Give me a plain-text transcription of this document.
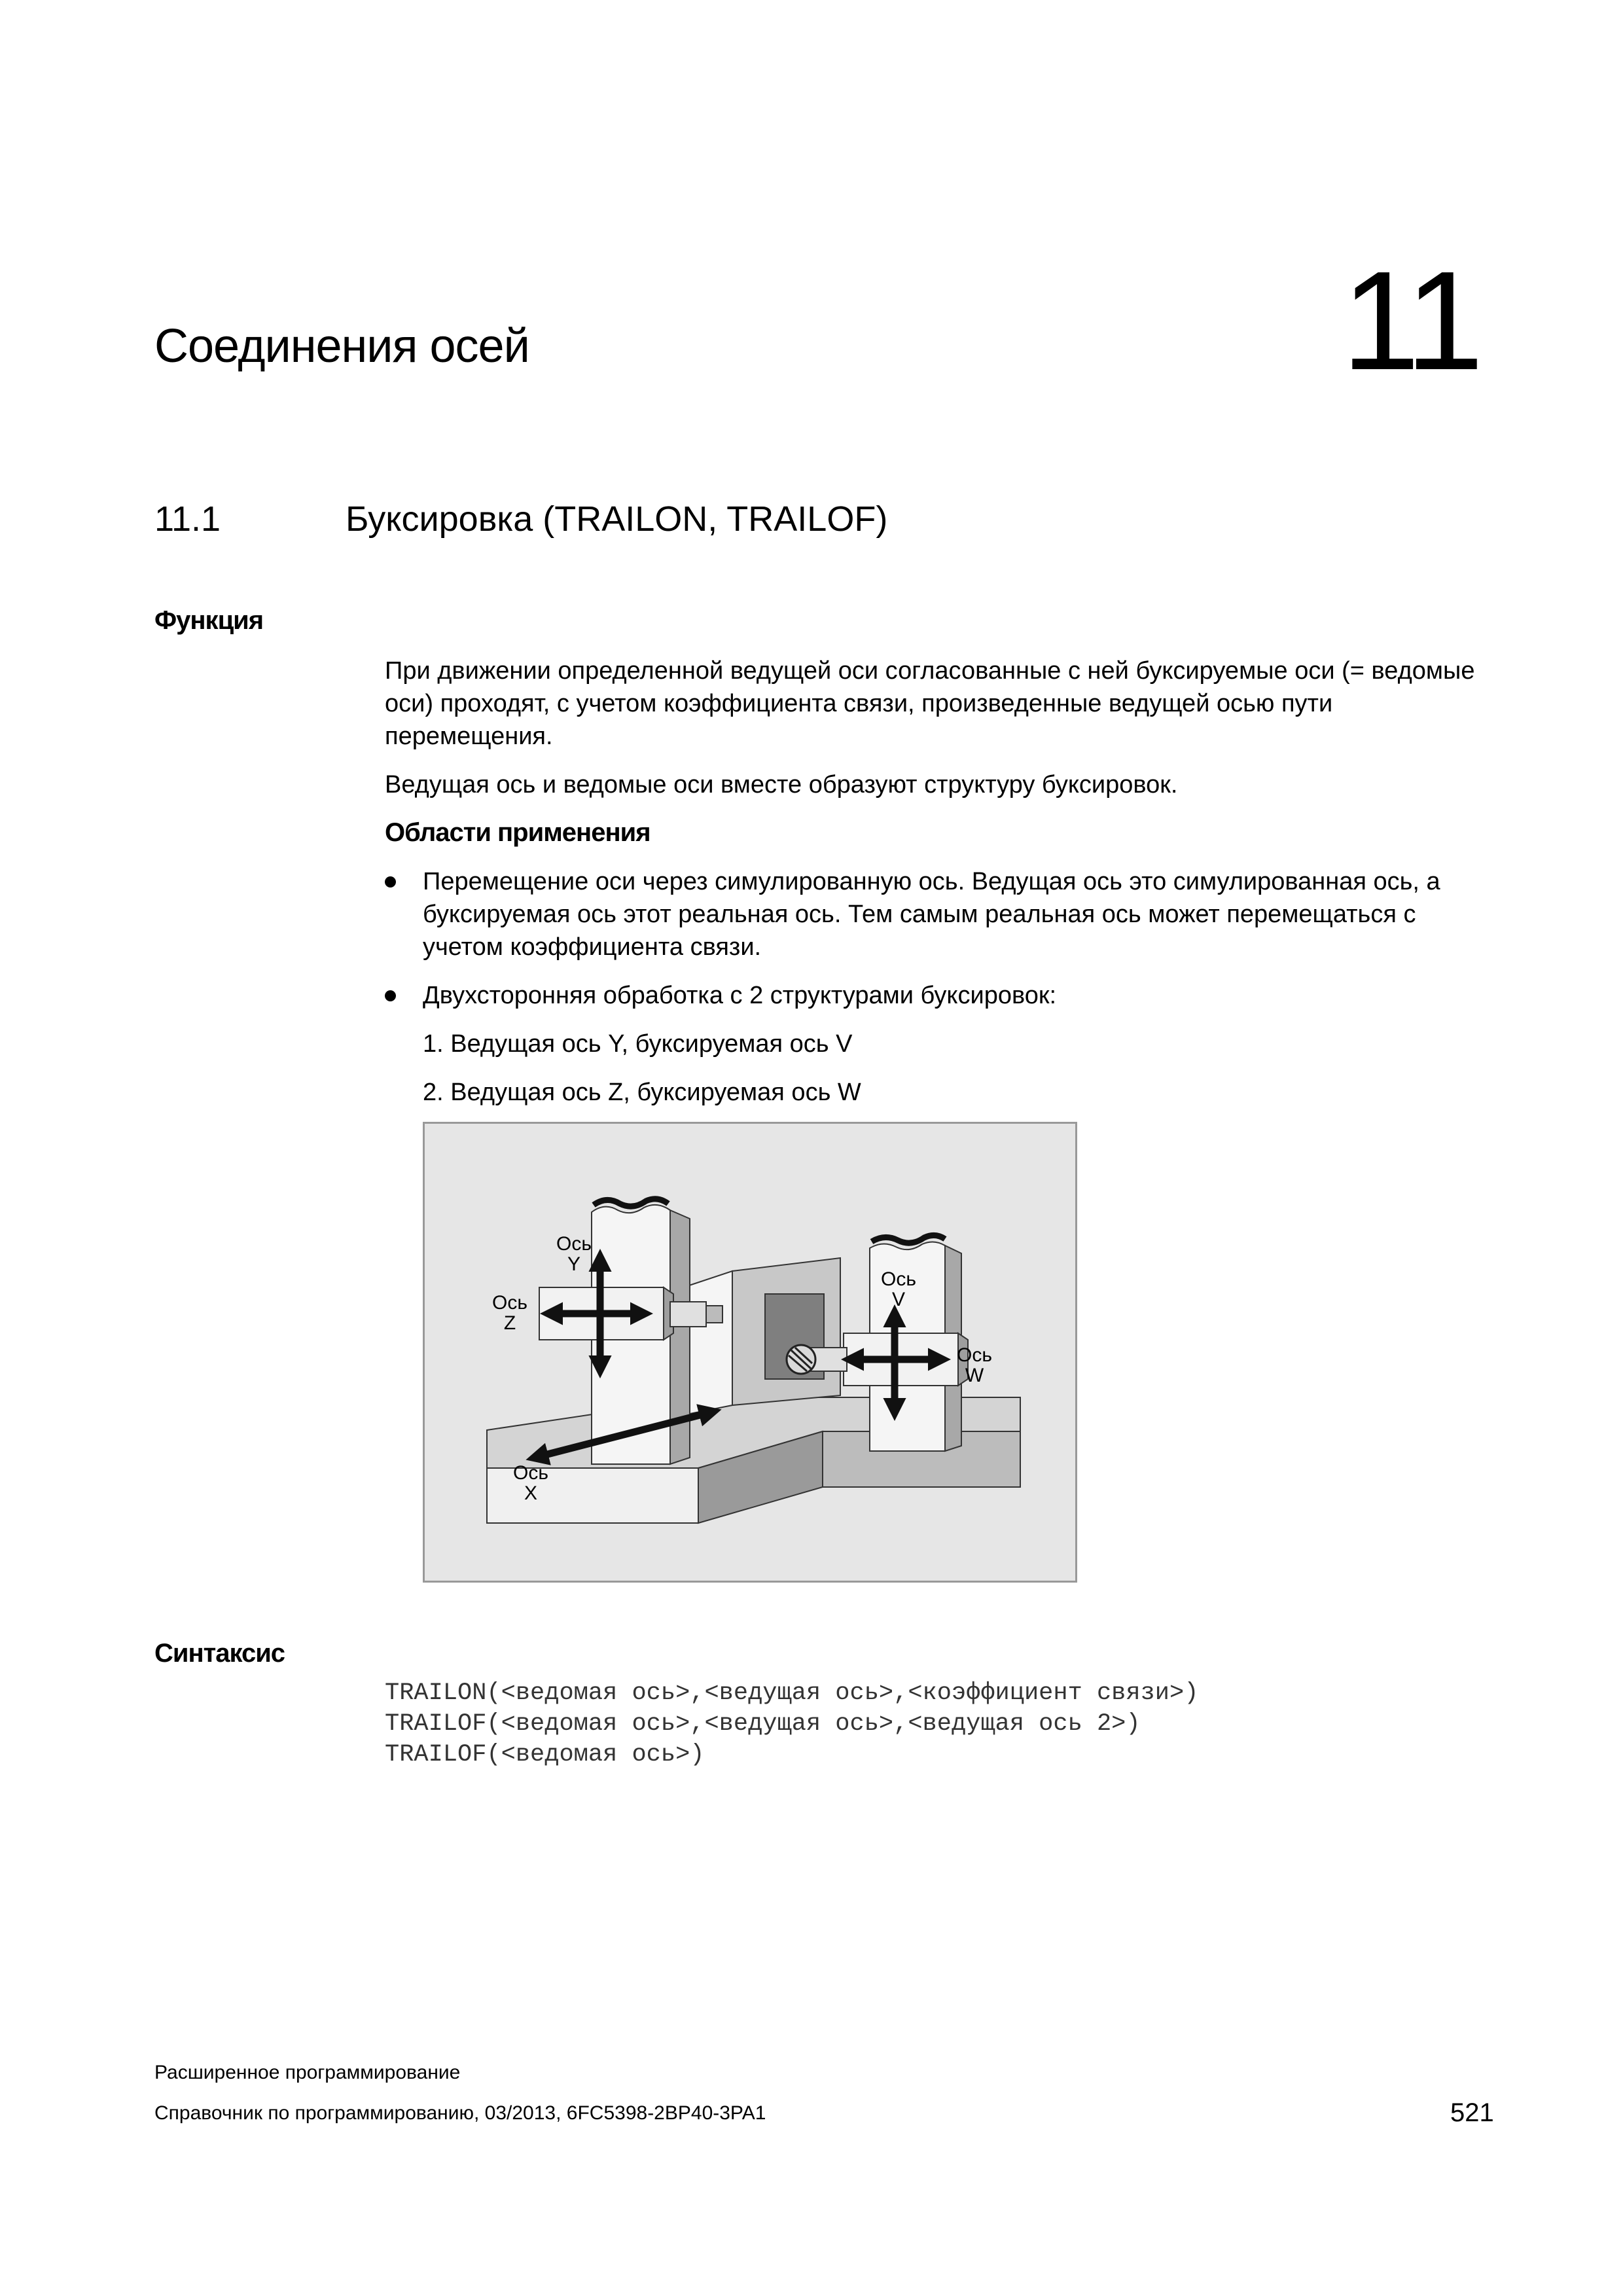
Соединения осей	11
11.1	Буксировка (TRAILON, TRAILOF)
Функция
При движении определенной ведущей оси согласованные с ней буксируемые оси (= ведомые оси) проходят, с учетом коэффициента связи, произведенные ведущей осью пути перемещения.
Ведущая ось и ведомые оси вместе образуют структуру буксировок.
Области применения
Перемещение оси через симулированную ось. Ведущая ось это симулированная ось, а буксируемая ось этот реальная ось. Тем самым реальная ось может перемещаться с учетом коэффициента связи.
Двухсторонняя обработка с 2 структурами буксировок:
1. Ведущая ось Y, буксируемая ось V
2. Ведущая ось Z, буксируемая ось W
Ось
Y
Ось
Z
Ось
V
Ось
W
Ось
X
Синтаксис
TRAILON(<ведомая ось>,<ведущая ось>,<коэффициент связи>)
TRAILOF(<ведомая ось>,<ведущая ось>,<ведущая ось 2>)
TRAILOF(<ведомая ось>)
Расширенное программирование
Справочник по программированию, 03/2013, 6FC5398-2BP40-3PA1	521
